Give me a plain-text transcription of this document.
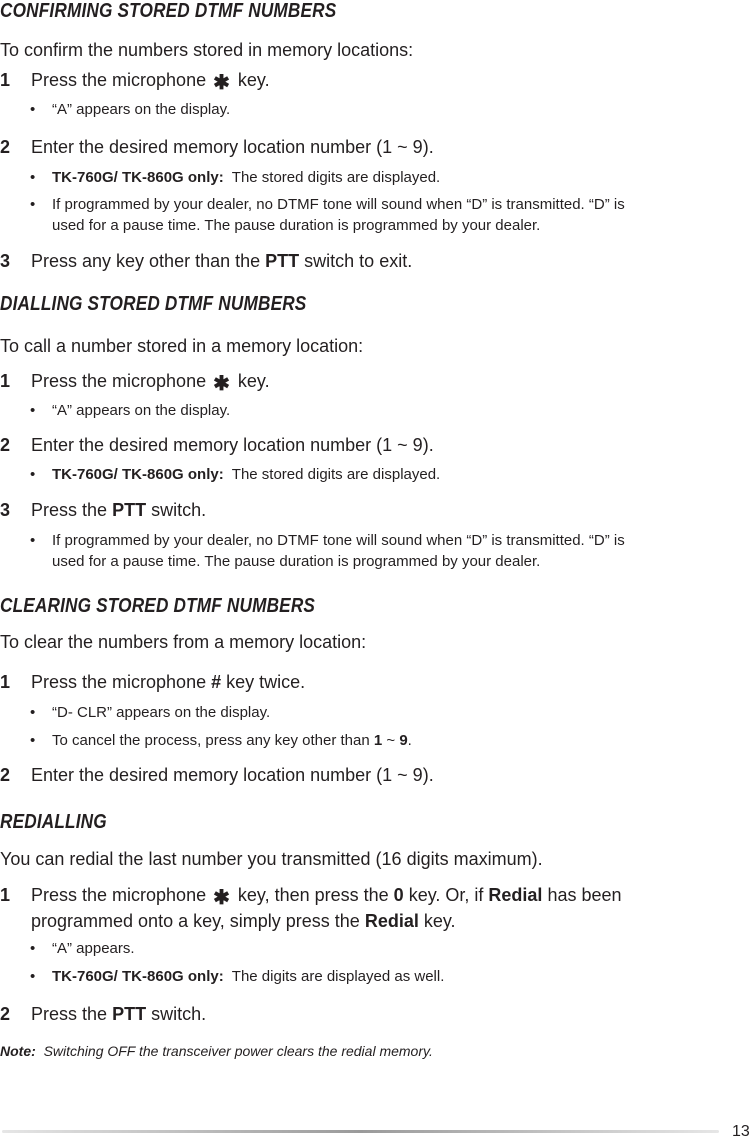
CONFIRMING STORED DTMF NUMBERS

To confirm the numbers stored in memory locations:

1 Press the microphone ✱ key.
• “A” appears on the display.
2 Enter the desired memory location number (1 ~ 9).
• TK-760G/ TK-860G only: The stored digits are displayed.
• If programmed by your dealer, no DTMF tone will sound when “D” is transmitted. “D” is
used for a pause time. The pause duration is programmed by your dealer.
3 Press any key other than the PTT switch to exit.
DIALLING STORED DTMF NUMBERS

To call a number stored in a memory location:

1 Press the microphone ✱ key.
• “A” appears on the display.
2 Enter the desired memory location number (1 ~ 9).
• TK-760G/ TK-860G only: The stored digits are displayed.
3 Press the PTT switch.
• If programmed by your dealer, no DTMF tone will sound when “D” is transmitted. “D” is
used for a pause time. The pause duration is programmed by your dealer.
CLEARING STORED DTMF NUMBERS

To clear the numbers from a memory location:

1 Press the microphone # key twice.
• “D- CLR” appears on the display.
• To cancel the process, press any key other than 1 ~ 9.
2 Enter the desired memory location number (1 ~ 9).
REDIALLING

You can redial the last number you transmitted (16 digits maximum).

1 Press the microphone ✱ key, then press the 0 key. Or, if Redial has been
programmed onto a key, simply press the Redial key.
• “A” appears.
• TK-760G/ TK-860G only: The digits are displayed as well.
2 Press the PTT switch.
Note: Switching OFF the transceiver power clears the redial memory.
13
